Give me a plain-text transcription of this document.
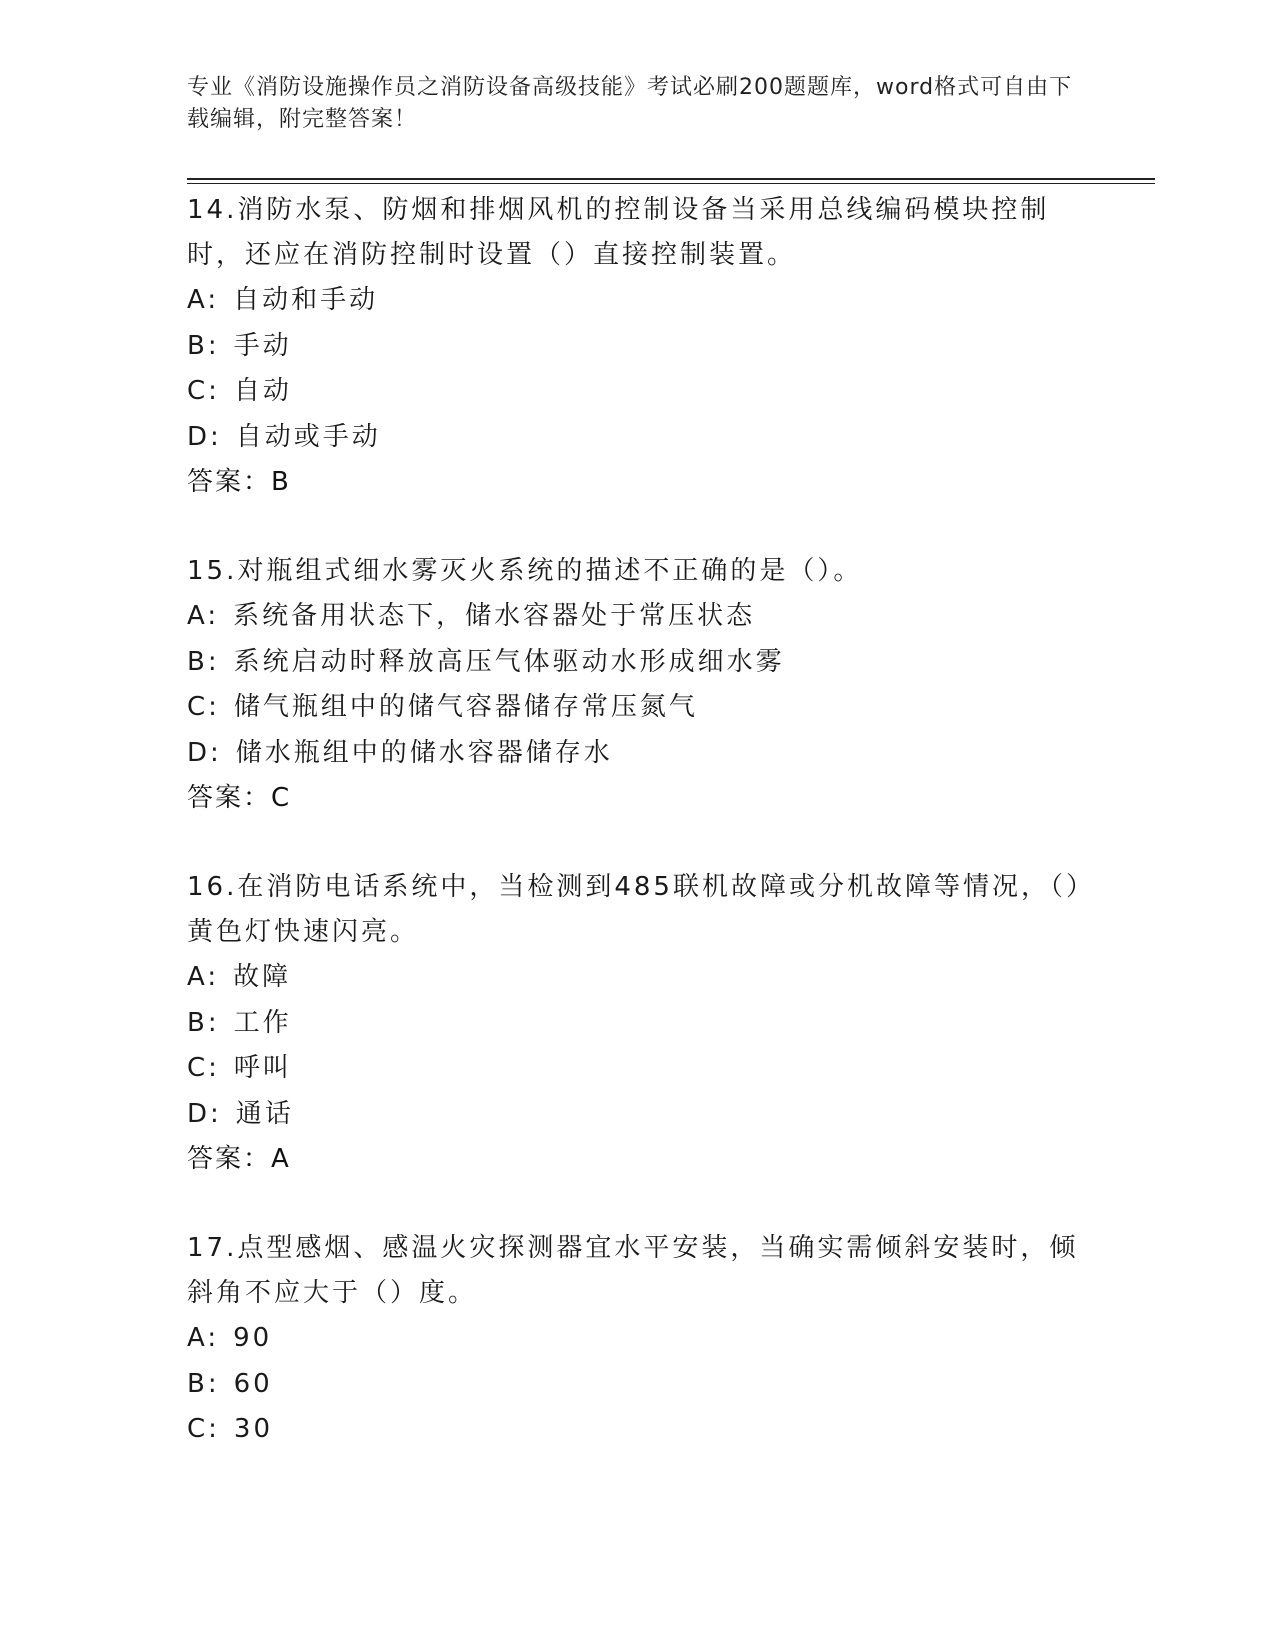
专业《消防设施操作员之消防设备高级技能》考试必刷200题题库，word格式可自由下载编辑，附完整答案！

14.消防水泵、防烟和排烟风机的控制设备当采用总线编码模块控制时，还应在消防控制时设置（）直接控制装置。

A: 自动和手动

B: 手动

C: 自动

D: 自动或手动

答案：B

15.对瓶组式细水雾灭火系统的描述不正确的是（）。

A: 系统备用状态下，储水容器处于常压状态

B: 系统启动时释放高压气体驱动水形成细水雾

C: 储气瓶组中的储气容器储存常压氮气

D: 储水瓶组中的储水容器储存水

答案：C

16.在消防电话系统中，当检测到485联机故障或分机故障等情况，（）黄色灯快速闪亮。

A: 故障

B: 工作

C: 呼叫

D: 通话

答案：A

17.点型感烟、感温火灾探测器宜水平安装，当确实需倾斜安装时，倾斜角不应大于（）度。

A: 90

B: 60

C: 30
